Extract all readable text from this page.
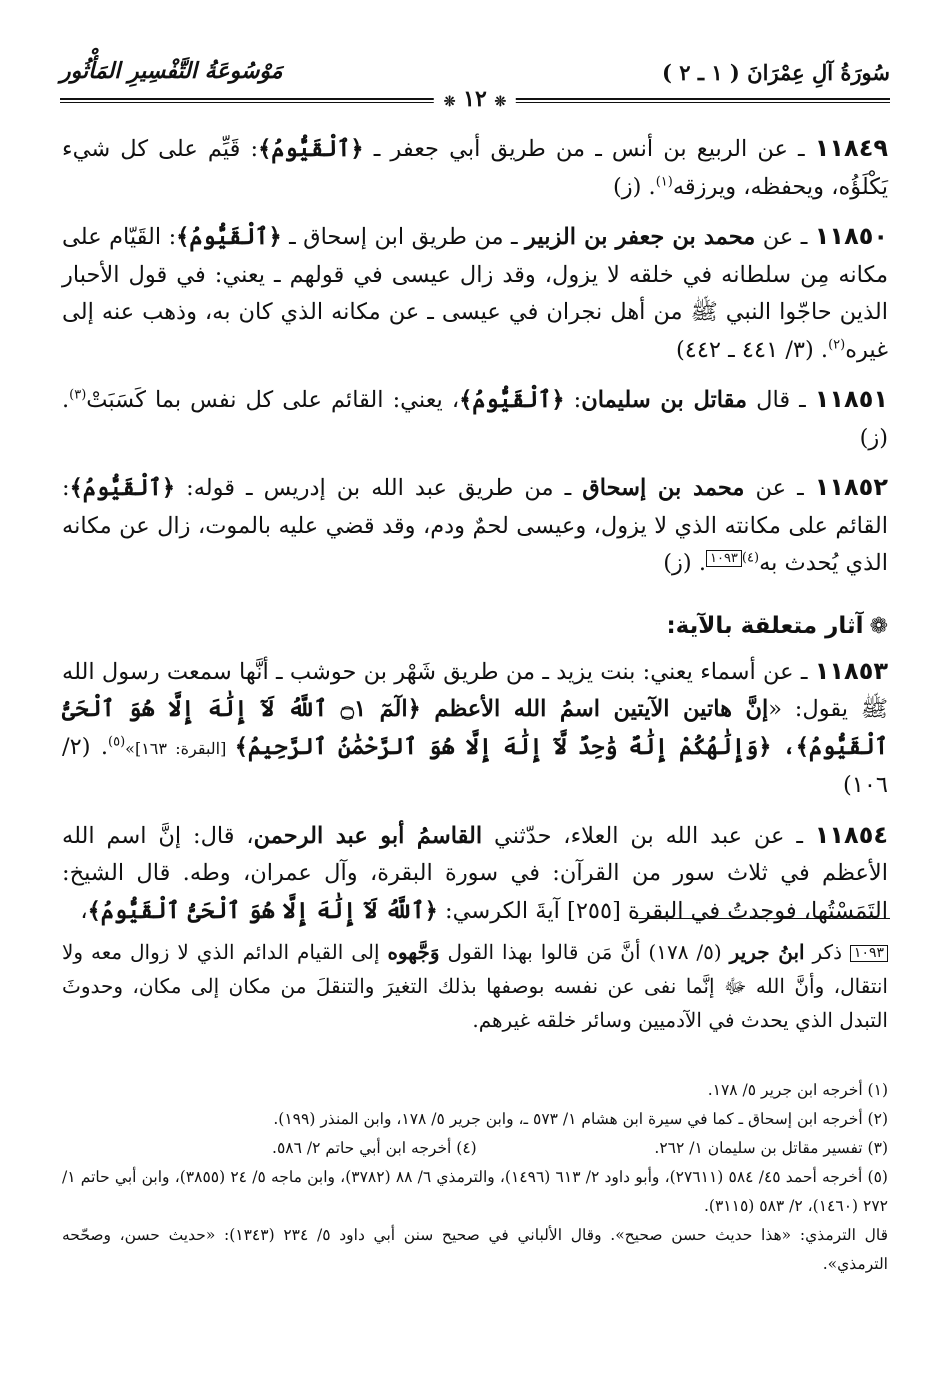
سُورَةُ آلِ عِمْرَانَ ( ١ ـ ٢ )
مَوْسُوعَةُ التَّفْسِيرِ المَأْثُور
❊ ١٢ ❊

١١٨٤٩ ـ عن الربيع بن أنس ـ من طريق أبي جعفر ـ ﴿ٱلْقَيُّومُ﴾: قَيِّم على كل شيء يَكْلَؤُه، ويحفظه، ويرزقه$^{(١)}$. (ز)

١١٨٥٠ ـ عن محمد بن جعفر بن الزبير ـ من طريق ابن إسحاق ـ ﴿ٱلْقَيُّومُ﴾: القَيّام على مكانه مِن سلطانه في خلقه لا يزول، وقد زال عيسى في قولهم ـ يعني: في قول الأحبار الذين حاجّوا النبي ﷺ من أهل نجران في عيسى ـ عن مكانه الذي كان به، وذهب عنه إلى غيره$^{(٢)}$. (٣/ ٤٤١ ـ ٤٤٢)

١١٨٥١ ـ قال مقاتل بن سليمان: ﴿ٱلْقَيُّومُ﴾، يعني: القائم على كل نفس بما كَسَبَتْ$^{(٣)}$. (ز)

١١٨٥٢ ـ عن محمد بن إسحاق ـ من طريق عبد الله بن إدريس ـ قوله: ﴿ٱلْقَيُّومُ﴾: القائم على مكانته الذي لا يزول، وعيسى لحمٌ ودم، وقد قضي عليه بالموت، زال عن مكانه الذي يُحدث به$^{(٤)}$١٠٩٣. (ز)

❁آثار متعلقة بالآية:

١١٨٥٣ ـ عن أسماء يعني: بنت يزيد ـ من طريق شَهْر بن حوشب ـ أنَّها سمعت رسول الله ﷺ يقول: «إنَّ هاتين الآيتين اسمُ الله الأعظم ﴿الٓمٓ ۝١ ٱللَّهُ لَآ إِلَٰهَ إِلَّا هُوَ ٱلْحَىُّ ٱلْقَيُّومُ﴾، ﴿وَإِلَٰهُكُمْ إِلَٰهٌ وَٰحِدٌ لَّآ إِلَٰهَ إِلَّا هُوَ ٱلرَّحْمَٰنُ ٱلرَّحِيمُ﴾ [البقرة: ١٦٣]»$^{(٥)}$. (٢/ ١٠٦)

١١٨٥٤ ـ عن عبد الله بن العلاء، حدّثني القاسمُ أبو عبد الرحمن، قال: إنَّ اسم الله الأعظم في ثلاث سور من القرآن: في سورة البقرة، وآل عمران، وطه. قال الشيخ: التَمَسْتُها، فوجدتُ في البقرة [٢٥٥] آيةَ الكرسي: ﴿ٱللَّهُ لَآ إِلَٰهَ إِلَّا هُوَ ٱلْحَىُّ ٱلْقَيُّومُ﴾،

١٠٩٣ ذكر ابنُ جرير (٥/ ١٧٨) أنَّ مَن قالوا بهذا القول وَجَّهوه إلى القيام الدائم الذي لا زوال معه ولا انتقال، وأنَّ الله ﷻ إنَّما نفى عن نفسه بوصفها بذلك التغيرَ والتنقلَ من مكان إلى مكان، وحدوثَ التبدل الذي يحدث في الآدميين وسائر خلقه غيرهم.

(١) أخرجه ابن جرير ٥/ ١٧٨.

(٢) أخرجه ابن إسحاق ـ كما في سيرة ابن هشام ١/ ٥٧٣ ـ، وابن جرير ٥/ ١٧٨، وابن المنذر (١٩٩).

(٣) تفسير مقاتل بن سليمان ١/ ٢٦٢.
(٤) أخرجه ابن أبي حاتم ٢/ ٥٨٦.

(٥) أخرجه أحمد ٤٥/ ٥٨٤ (٢٧٦١١)، وأبو داود ٢/ ٦١٣ (١٤٩٦)، والترمذي ٦/ ٨٨ (٣٧٨٢)، وابن ماجه ٥/ ٢٤ (٣٨٥٥)، وابن أبي حاتم ١/ ٢٧٢ (١٤٦٠)، ٢/ ٥٨٣ (٣١١٥).

قال الترمذي: «هذا حديث حسن صحيح». وقال الألباني في صحيح سنن أبي داود ٥/ ٢٣٤ (١٣٤٣): «حديث حسن، وصحّحه الترمذي».
